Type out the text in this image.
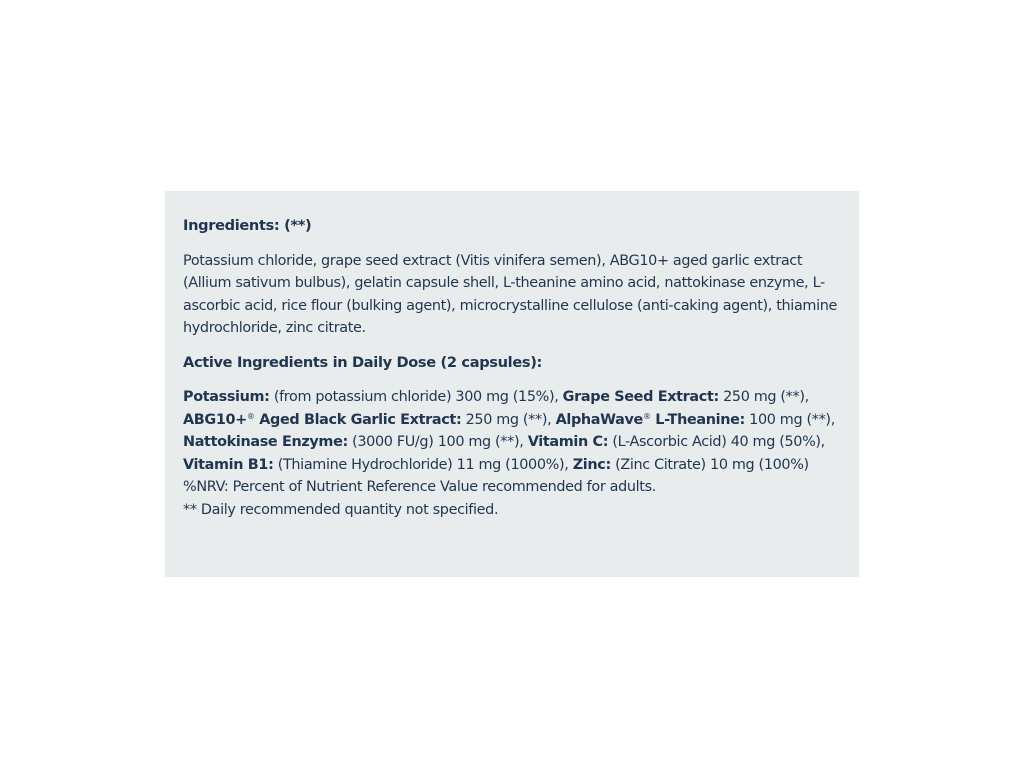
Ingredients: (**)

Potassium chloride, grape seed extract (Vitis vinifera semen), ABG10+ aged garlic extract (Allium sativum bulbus), gelatin capsule shell, L-theanine amino acid, nattokinase enzyme, L-ascorbic acid, rice flour (bulking agent), microcrystalline cellulose (anti-caking agent), thiamine hydrochloride, zinc citrate.

Active Ingredients in Daily Dose (2 capsules):

Potassium: (from potassium chloride) 300 mg (15%), Grape Seed Extract: 250 mg (**), ABG10+® Aged Black Garlic Extract: 250 mg (**), AlphaWave® L-Theanine: 100 mg (**), Nattokinase Enzyme: (3000 FU/g) 100 mg (**), Vitamin C: (L-Ascorbic Acid) 40 mg (50%), Vitamin B1: (Thiamine Hydrochloride) 11 mg (1000%), Zinc: (Zinc Citrate) 10 mg (100%)

%NRV: Percent of Nutrient Reference Value recommended for adults.

** Daily recommended quantity not specified.
